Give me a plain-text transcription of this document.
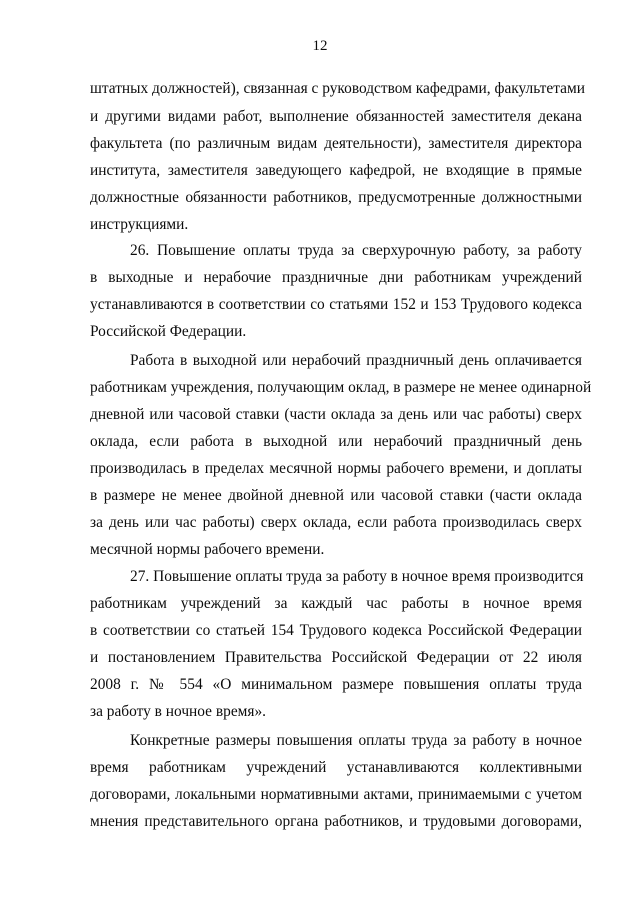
12
штатных должностей), связанная с руководством кафедрами, факультетами
и другими видами работ, выполнение обязанностей заместителя декана
факультета (по различным видам деятельности), заместителя директора
института, заместителя заведующего кафедрой, не входящие в прямые
должностные обязанности работников, предусмотренные должностными
инструкциями.
26. Повышение оплаты труда за сверхурочную работу, за работу
в выходные и нерабочие праздничные дни работникам учреждений
устанавливаются в соответствии со статьями 152 и 153 Трудового кодекса
Российской Федерации.
Работа в выходной или нерабочий праздничный день оплачивается
работникам учреждения, получающим оклад, в размере не менее одинарной
дневной или часовой ставки (части оклада за день или час работы) сверх
оклада, если работа в выходной или нерабочий праздничный день
производилась в пределах месячной нормы рабочего времени, и доплаты
в размере не менее двойной дневной или часовой ставки (части оклада
за день или час работы) сверх оклада, если работа производилась сверх
месячной нормы рабочего времени.
27. Повышение оплаты труда за работу в ночное время производится
работникам учреждений за каждый час работы в ночное время
в соответствии со статьей 154 Трудового кодекса Российской Федерации
и постановлением Правительства Российской Федерации от 22 июля
2008 г. № 554 «О минимальном размере повышения оплаты труда
за работу в ночное время».
Конкретные размеры повышения оплаты труда за работу в ночное
время работникам учреждений устанавливаются коллективными
договорами, локальными нормативными актами, принимаемыми с учетом
мнения представительного органа работников, и трудовыми договорами,
